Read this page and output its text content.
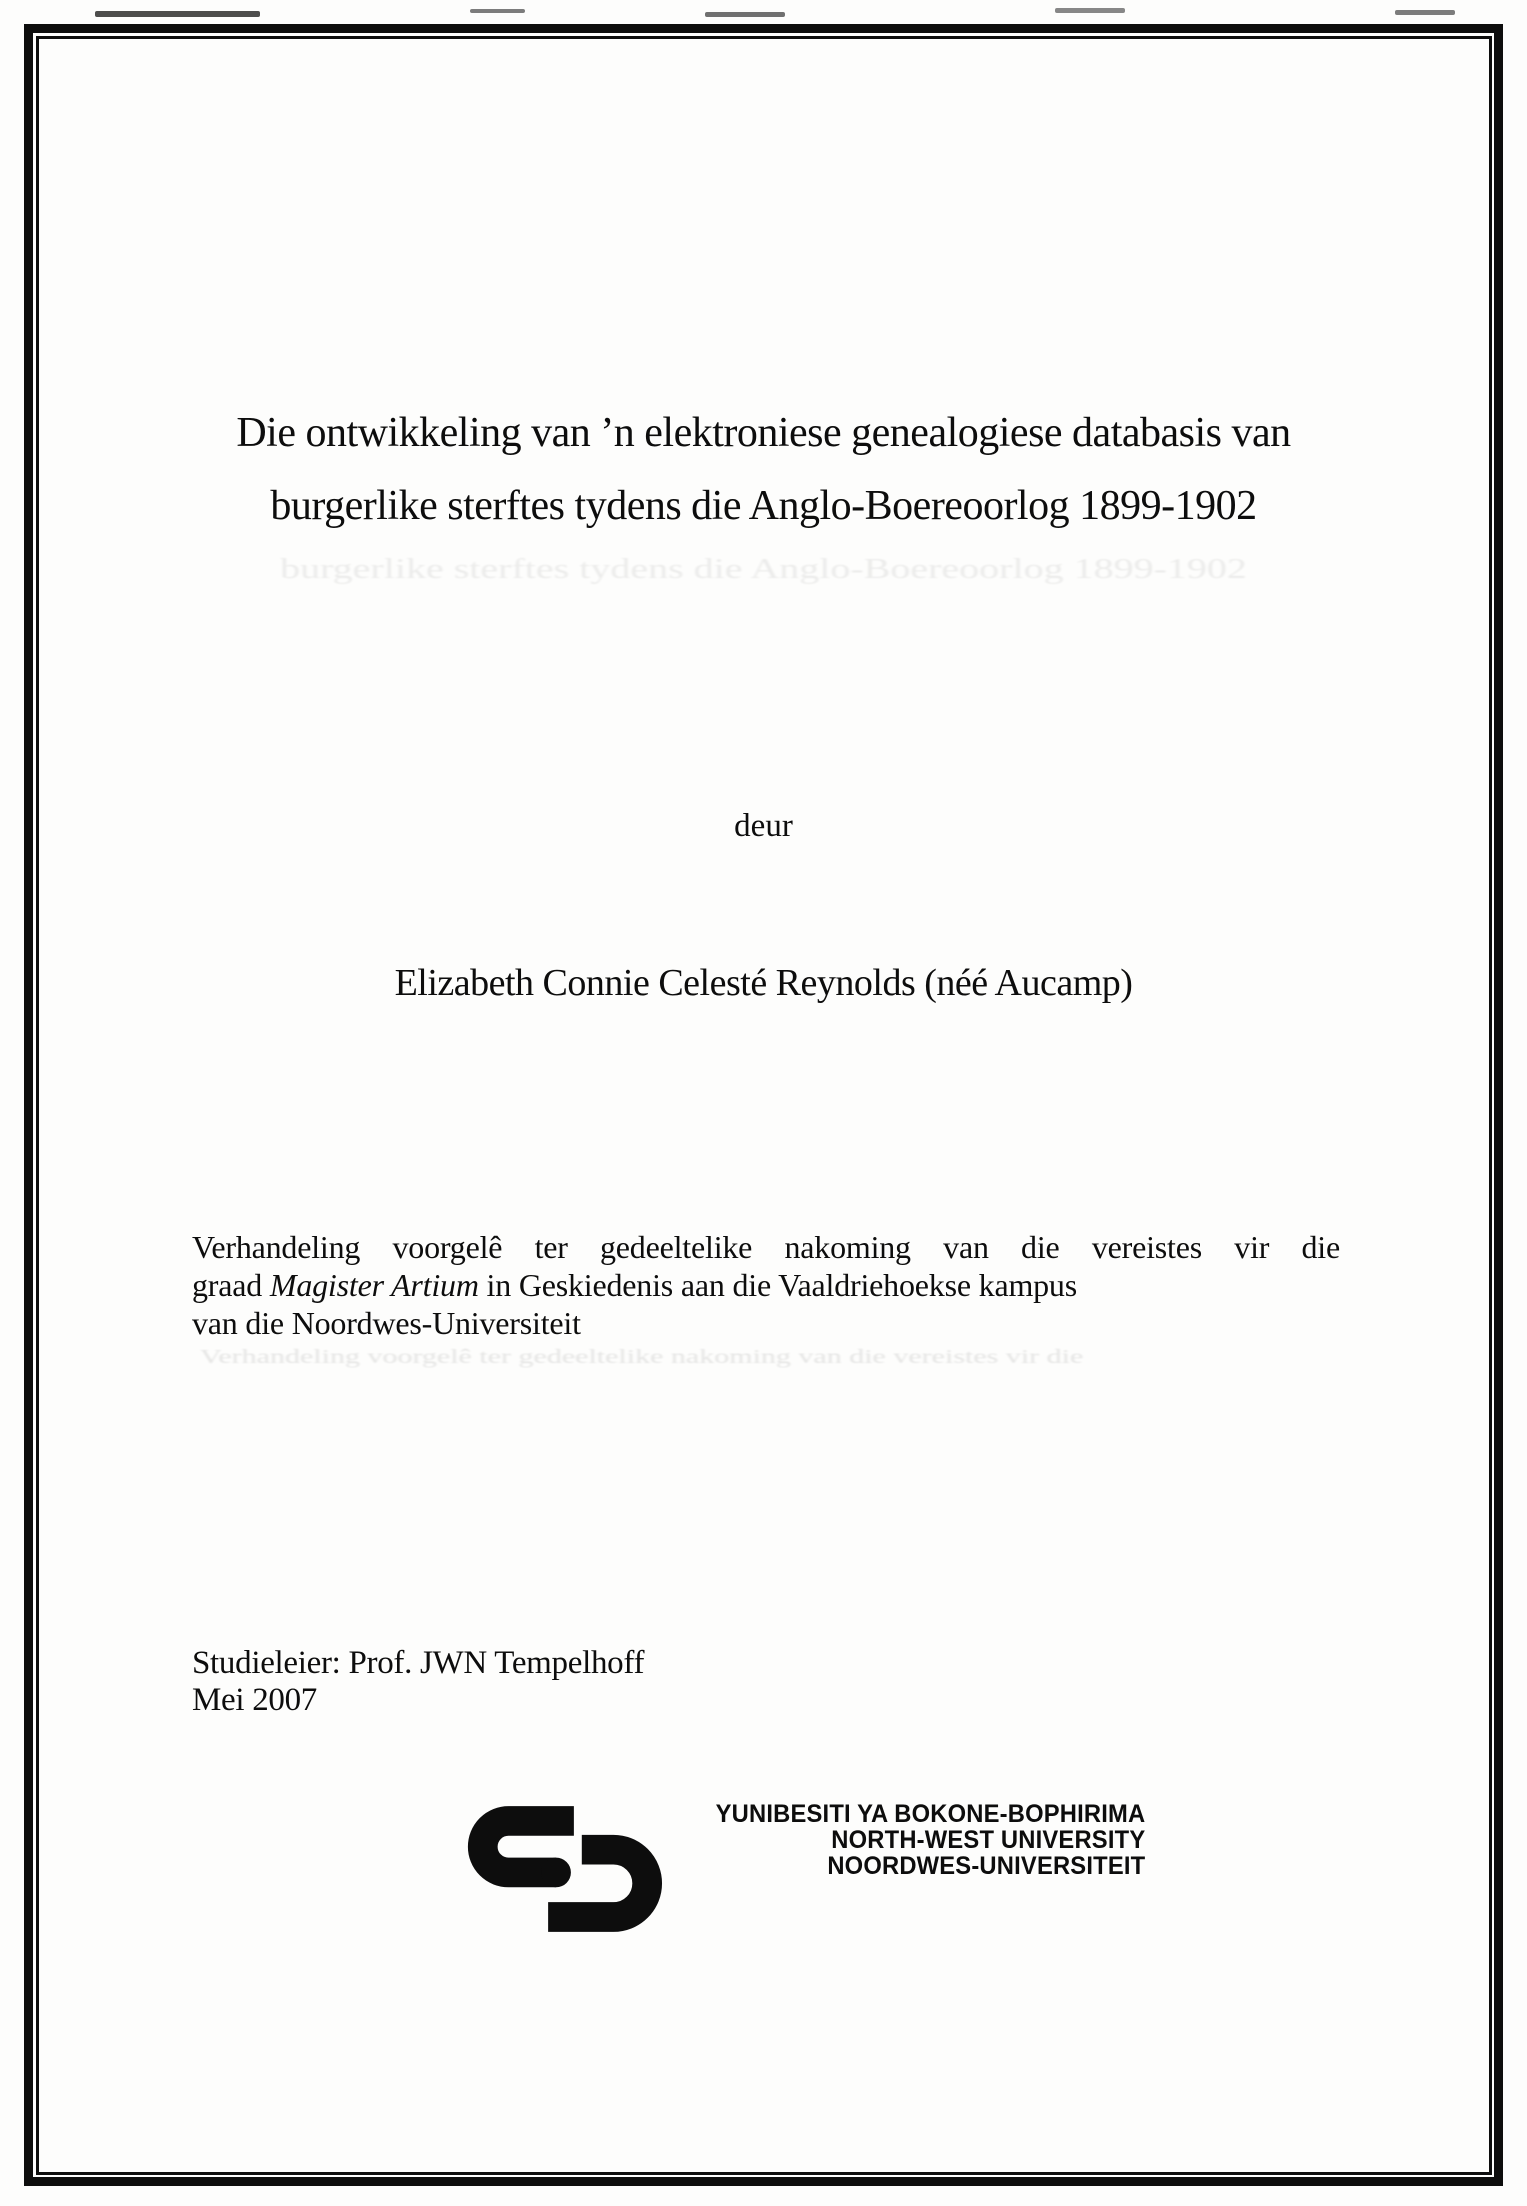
Die ontwikkeling van ’n elektroniese genealogiese databasis van
burgerlike sterftes tydens die Anglo-Boereoorlog 1899-1902
burgerlike sterftes tydens die Anglo-Boereoorlog 1899-1902
deur
Elizabeth Connie Celesté Reynolds (néé Aucamp)
Verhandeling voorgelê ter gedeeltelike nakoming van die vereistes vir die
graad Magister Artium in Geskiedenis aan die Vaaldriehoekse kampus
van die Noordwes-Universiteit
Verhandeling voorgelê ter gedeeltelike nakoming van die vereistes vir die
Studieleier: Prof. JWN Tempelhoff
Mei 2007
YUNIBESITI YA BOKONE-BOPHIRIMA
NORTH-WEST UNIVERSITY
NOORDWES-UNIVERSITEIT
